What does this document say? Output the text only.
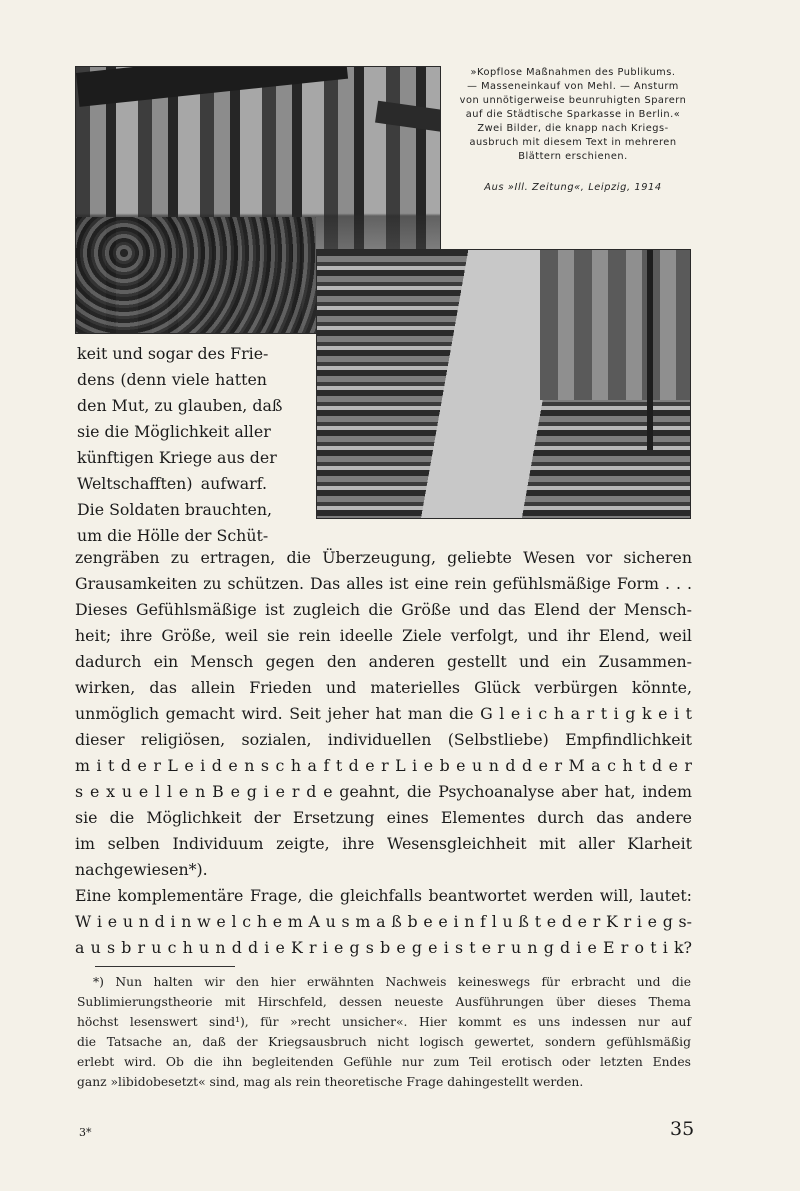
»Kopflose Maßnahmen des Publikums.
— Masseneinkauf von Mehl. — Ansturm
von unnötigerweise beunruhigten Sparern
auf die Städtische Sparkasse in Berlin.«
Zwei Bilder, die knapp nach Kriegs-
ausbruch mit diesem Text in mehreren
Blättern erschienen.
Aus »Ill. Zeitung«, Leipzig, 1914
keit und sogar des Frie-
dens (denn viele hatten
den Mut, zu glauben, daß
sie die Möglichkeit aller
künftigen Kriege aus der
Weltschafften) aufwarf.
Die Soldaten brauchten,
um die Hölle der Schüt-
zengräben zu ertragen, die Überzeugung, geliebte Wesen vor sicheren
Grausamkeiten zu schützen. Das alles ist eine rein gefühlsmäßige Form . . .
Dieses Gefühlsmäßige ist zugleich die Größe und das Elend der Mensch-
heit; ihre Größe, weil sie rein ideelle Ziele verfolgt, und ihr Elend, weil
dadurch ein Mensch gegen den anderen gestellt und ein Zusammen-
wirken, das allein Frieden und materielles Glück verbürgen könnte,
unmöglich gemacht wird. Seit jeher hat man die G l e i c h a r t i g k e i t
dieser religiösen, sozialen, individuellen (Selbstliebe) Empfindlichkeit
m i t d e r L e i d e n s c h a f t d e r L i e b e u n d d e r M a c h t d e r
s e x u e l l e n B e g i e r d e geahnt, die Psychoanalyse aber hat, indem
sie die Möglichkeit der Ersetzung eines Elementes durch das andere
im selben Individuum zeigte, ihre Wesensgleichheit mit aller Klarheit
nachgewiesen*).
Eine komplementäre Frage, die gleichfalls beantwortet werden will, lautet:
W i e u n d i n w e l c h e m A u s m a ß b e e i n f l u ß t e d e r K r i e g s-
a u s b r u c h u n d d i e K r i e g s b e g e i s t e r u n g d i e E r o t i k?
*) Nun halten wir den hier erwähnten Nachweis keineswegs für erbracht und die
Sublimierungstheorie mit Hirschfeld, dessen neueste Ausführungen über dieses Thema
höchst lesenswert sind¹), für »recht unsicher«. Hier kommt es uns indessen nur auf
die Tatsache an, daß der Kriegsausbruch nicht logisch gewertet, sondern gefühlsmäßig
erlebt wird. Ob die ihn begleitenden Gefühle nur zum Teil erotisch oder letzten Endes
ganz »libidobesetzt« sind, mag als rein theoretische Frage dahingestellt werden.
3*	35
